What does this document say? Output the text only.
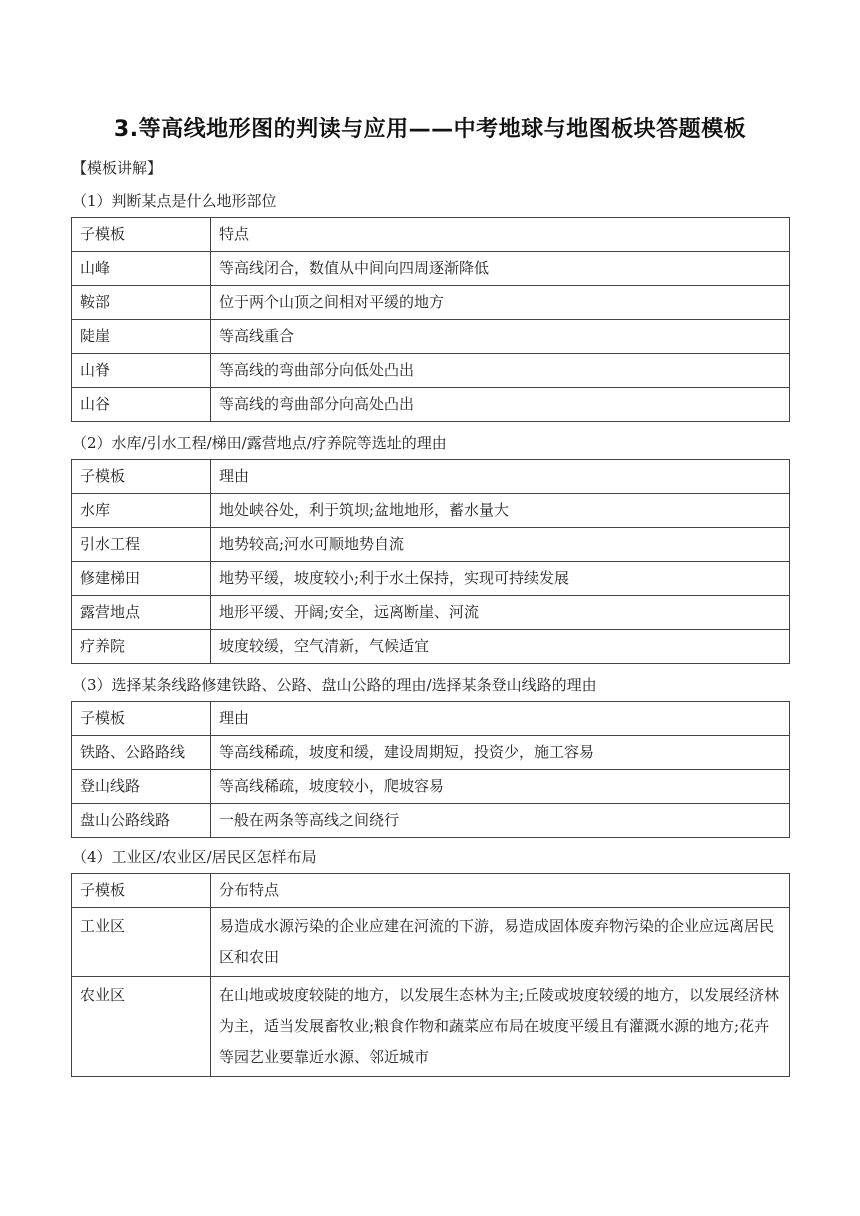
3.等高线地形图的判读与应用——中考地球与地图板块答题模板
【模板讲解】
（1）判断某点是什么地形部位
子模板	特点
山峰	等高线闭合，数值从中间向四周逐渐降低
鞍部	位于两个山顶之间相对平缓的地方
陡崖	等高线重合
山脊	等高线的弯曲部分向低处凸出
山谷	等高线的弯曲部分向高处凸出
（2）水库/引水工程/梯田/露营地点/疗养院等选址的理由
子模板	理由
水库	地处峡谷处，利于筑坝;盆地地形，蓄水量大
引水工程	地势较高;河水可顺地势自流
修建梯田	地势平缓，坡度较小;利于水土保持，实现可持续发展
露营地点	地形平缓、开阔;安全，远离断崖、河流
疗养院	坡度较缓，空气清新，气候适宜
（3）选择某条线路修建铁路、公路、盘山公路的理由/选择某条登山线路的理由
子模板	理由
铁路、公路路线	等高线稀疏，坡度和缓，建设周期短，投资少，施工容易
登山线路	等高线稀疏，坡度较小，爬坡容易
盘山公路线路	一般在两条等高线之间绕行
（4）工业区/农业区/居民区怎样布局
子模板	分布特点
工业区	易造成水源污染的企业应建在河流的下游，易造成固体废弃物污染的企业应远离居民区和农田
农业区	在山地或坡度较陡的地方，以发展生态林为主;丘陵或坡度较缓的地方，以发展经济林为主，适当发展畜牧业;粮食作物和蔬菜应布局在坡度平缓且有灌溉水源的地方;花卉等园艺业要靠近水源、邻近城市
